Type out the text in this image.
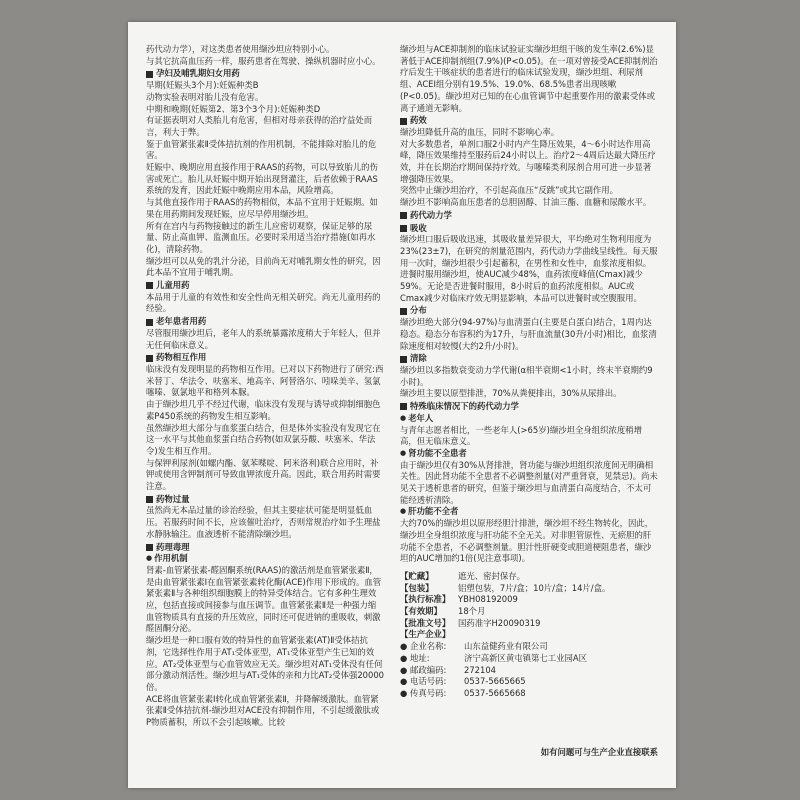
药代动力学），对这类患者使用缬沙坦应特别小心。

与其它抗高血压药一样，服药患者在驾驶、操纵机器时应小心。

孕妇及哺乳期妇女用药

早期(妊娠头3个月):妊娠种类B

动物实验表明对胎儿没有危害。

中期和晚期(妊娠第2、第3个3个月):妊娠种类D

有证据表明对人类胎儿有危害，但相对母亲获得的治疗益处而言，利大于弊。

鉴于血管紧张素Ⅱ受体拮抗剂的作用机制，不能排除对胎儿的危害。

妊娠中、晚期应用直接作用于RAAS的药物，可以导致胎儿的伤害或死亡。胎儿从妊娠中期开始出现肾灌注，后者依赖于RAAS系统的发育，因此妊娠中晚期应用本品，风险增高。

与其他直接作用于RAAS的药物相似，本品不宜用于妊娠期。如果在用药期间发现妊娠，应尽早停用缬沙坦。

所有在宫内与药物接触过的新生儿应密切观察，保证足够的尿量、防止高血钾、监测血压。必要时采用适当治疗措施(如再水化)，清除药物。

缬沙坦可以从免的乳汁分泌，目前尚无对哺乳期女性的研究，因此本品不宜用于哺乳期。

儿童用药

本品用于儿童的有效性和安全性尚无相关研究。尚无儿童用药的经验。

老年患者用药

尽管服用缬沙坦后，老年人的系统暴露浓度稍大于年轻人，但并无任何临床意义。

药物相互作用

临床没有发现明显的药物相互作用。已对以下药物进行了研究:西米替丁、华法令、呋塞米、地高辛、阿替洛尔、吲哚美辛、氢氯噻嗪、氨氯地平和格列本脲。

由于缬沙坦几乎不经过代谢，临床没有发现与诱导或抑制细胞色素P450系统的药物发生相互影响。

虽然缬沙坦大部分与血浆蛋白结合，但是体外实验没有发现它在这一水平与其他血浆蛋白结合药物(如双氯芬酸、呋塞米、华法令)发生相互作用。

与保钾利尿剂(如螺内酯、氨苯喋啶、阿米洛利)联合应用时，补钾或使用含钾制剂可导致血钾浓度升高。因此，联合用药时需要注意。

药物过量

虽然尚无本品过量的诊治经验，但其主要症状可能是明显低血压。若服药时间不长，应该催吐治疗，否则常规治疗如予生理盐水静脉输注。血液透析不能清除缬沙坦。

药理毒理
● 作用机制

肾素-血管紧张素-醛固酮系统(RAAS)的激活剂是血管紧张素Ⅱ，是由血管紧张素Ⅰ在血管紧张素转化酶(ACE)作用下形成的。血管紧张素Ⅱ与各种组织细胞膜上的特异受体结合。它有多种生理效应，包括直接或间接参与血压调节。血管紧张素Ⅱ是一种强力缩血管物质具有直接的升压效应，同时还可促进钠的重吸收，刺激醛固酮分泌。

缬沙坦是一种口服有效的特异性的血管紧张素(AT)Ⅱ受体拮抗剂，它选择性作用于AT₁受体亚型，AT₁受体亚型产生已知的效应。AT₂受体亚型与心血管效应无关。缬沙坦对AT₁受体没有任何部分激动剂活性。缬沙坦与AT₁受体的亲和力比AT₂受体强20000倍。

ACE将血管紧张素Ⅰ转化成血管紧张素Ⅱ，并降解缓激肽。血管紧张素Ⅱ受体拮抗剂-缬沙坦对ACE没有抑制作用，不引起缓激肽或P物质蓄积，所以不会引起咳嗽。比较

缬沙坦与ACE抑制剂的临床试验证实缬沙坦组干咳的发生率(2.6%)显著低于ACE抑制剂组(7.9%)(P<0.05)。在一项对曾接受ACE抑制剂治疗后发生干咳症状的患者进行的临床试验发现，缬沙坦组、利尿剂组、ACEI组分别有19.5%、19.0%、68.5%患者出现咳嗽(P<0.05)。缬沙坦对已知的在心血管调节中起重要作用的激素受体或离子通道无影响。

药效

缬沙坦降低升高的血压，同时不影响心率。

对大多数患者，单剂口服2小时内产生降压效果，4～6小时达作用高峰，降压效果维持至服药后24小时以上。治疗2～4周后达最大降压疗效，并在长期治疗期间保持疗效。与噻嗪类利尿剂合用可进一步显著增强降压效果。

突然中止缬沙坦治疗，不引起高血压“反跳”或其它副作用。

缬沙坦不影响高血压患者的总胆固醇、甘油三酯、血糖和尿酸水平。

药代动力学
吸收

缬沙坦口服后吸收迅速，其吸收量差异很大，平均绝对生物利用度为23%(23±7)，在研究的剂量范围内，药代动力学曲线呈线性。每天服用一次时，缬沙坦很少引起蓄积，在男性和女性中，血浆浓度相似。

进餐时服用缬沙坦，使AUC减少48%，血药浓度峰值(Cmax)减少59%。无论是否进餐时服用，8小时后的血药浓度相似。AUC或Cmax减少对临床疗效无明显影响，本品可以进餐时或空腹服用。

分布

缬沙坦绝大部分(94-97%)与血清蛋白(主要是白蛋白)结合，1周内达稳态。稳态分布容积约为17升，与肝血流量(30升/小时)相比，血浆清除速度相对较慢(大约2升/小时)。

清除

缬沙坦以多指数衰变动力学代谢(α相半衰期<1小时，终末半衰期约9小时)。

缬沙坦主要以原型排泄，70%从粪便排出，30%从尿排出。

特殊临床情况下的药代动力学
● 老年人

与青年志愿者相比，一些老年人(>65岁)缬沙坦全身组织浓度稍增高，但无临床意义。

● 肾功能不全患者

由于缬沙坦仅有30%从肾排泄，肾功能与缬沙坦组织浓度间无明确相关性。因此肾功能不全患者不必调整剂量(对严重肾衰，见禁忌)。尚未见关于透析患者的研究，但鉴于缬沙坦与血清蛋白高度结合，不太可能经透析清除。

● 肝功能不全者

大约70%的缬沙坦以原形经胆汁排泄，缬沙坦不经生物转化，因此，缬沙坦全身组织浓度与肝功能不全无关。对非胆管原性、无瘀胆的肝功能不全患者，不必调整剂量。胆汁性肝硬变或胆道梗阻患者，缬沙坦的AUC增加约1倍(见注意事项)。

【贮藏】	遮光、密封保存。
【包装】	铝塑包装，7片/盒；10片/盒；14片/盒。
【执行标准】 YBH08192009
【有效期】	18个月
【批准文号】 国药准字H20090319
【生产企业】
● 企业名称:	山东益健药业有限公司
● 地址:	济宁高新区黄屯镇第七工业园A区
● 邮政编码:	272104
● 电话号码:	0537-5665665
● 传真号码:	0537-5665668
如有问题可与生产企业直接联系
